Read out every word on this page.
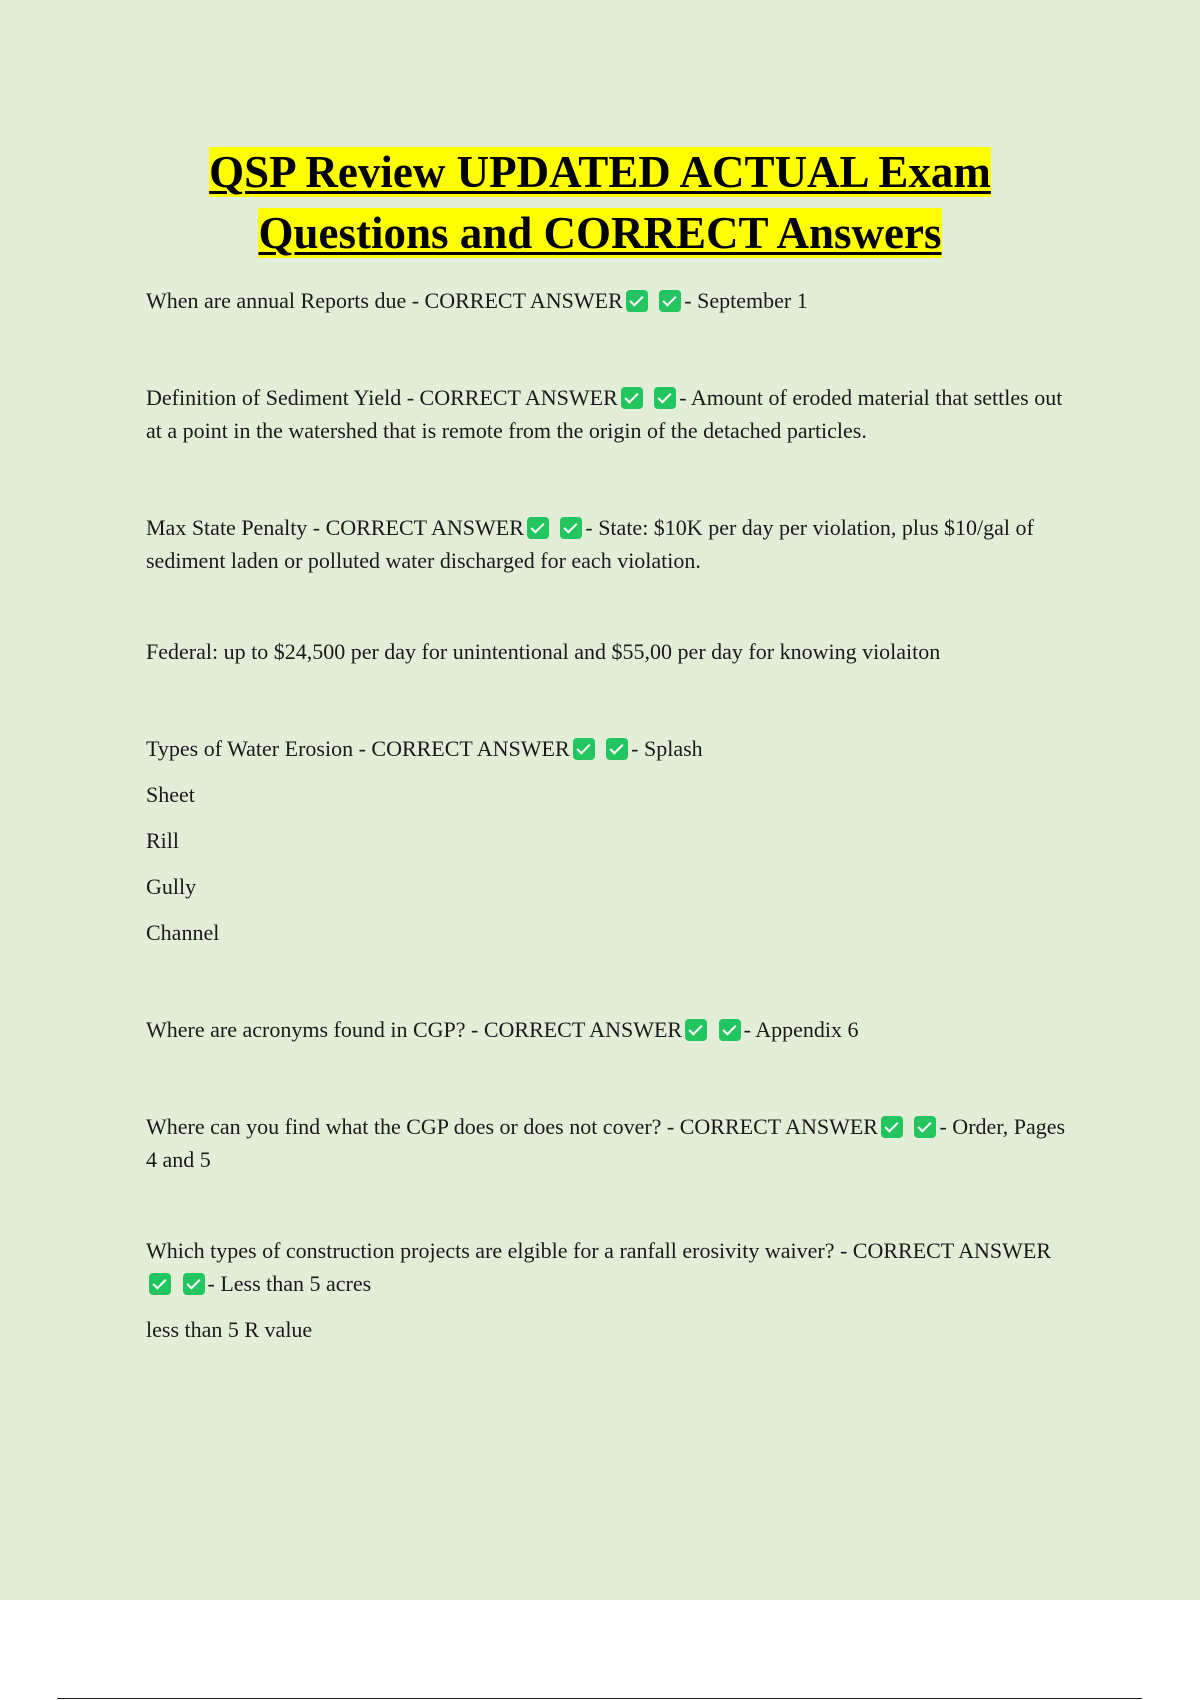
QSP Review UPDATED ACTUAL Exam
Questions and CORRECT Answers

When are annual Reports due - CORRECT ANSWER	- September 1

Definition of Sediment Yield - CORRECT ANSWER	- Amount of eroded material that settles out at a point in the watershed that is remote from the origin of the detached particles.

Max State Penalty - CORRECT ANSWER	- State: $10K per day per violation, plus $10/gal of sediment laden or polluted water discharged for each violation.

Federal: up to $24,500 per day for unintentional and $55,00 per day for knowing violaiton

Types of Water Erosion - CORRECT ANSWER	- Splash

Sheet

Rill

Gully

Channel

Where are acronyms found in CGP? - CORRECT ANSWER	- Appendix 6

Where can you find what the CGP does or does not cover? - CORRECT ANSWER	- Order, Pages 4 and 5

Which types of construction projects are elgible for a ranfall erosivity waiver? - CORRECT ANSWER - Less than 5 acres

less than 5 R value
